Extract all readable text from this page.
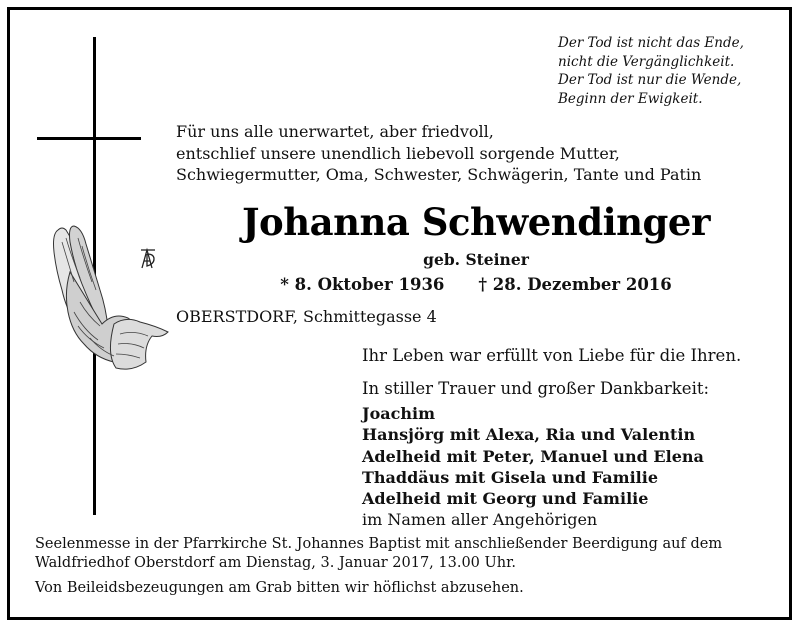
Der Tod ist nicht das Ende,
nicht die Vergänglichkeit.
Der Tod ist nur die Wende,
Beginn der Ewigkeit.
Für uns alle unerwartet, aber friedvoll,
entschlief unsere unendlich liebevoll sorgende Mutter,
Schwiegermutter, Oma, Schwester, Schwägerin, Tante und Patin
Johanna Schwendinger
geb. Steiner
* 8. Oktober 1936 † 28. Dezember 2016
OBERSTDORF, Schmittegasse 4
Ihr Leben war erfüllt von Liebe für die Ihren.
In stiller Trauer und großer Dankbarkeit:
Joachim
Hansjörg mit Alexa, Ria und Valentin
Adelheid mit Peter, Manuel und Elena
Thaddäus mit Gisela und Familie
Adelheid mit Georg und Familie
im Namen aller Angehörigen
Seelenmesse in der Pfarrkirche St. Johannes Baptist mit anschließender Beerdigung auf dem
Waldfriedhof Oberstdorf am Dienstag, 3. Januar 2017, 13.00 Uhr.
Von Beileidsbezeugungen am Grab bitten wir höflichst abzusehen.
